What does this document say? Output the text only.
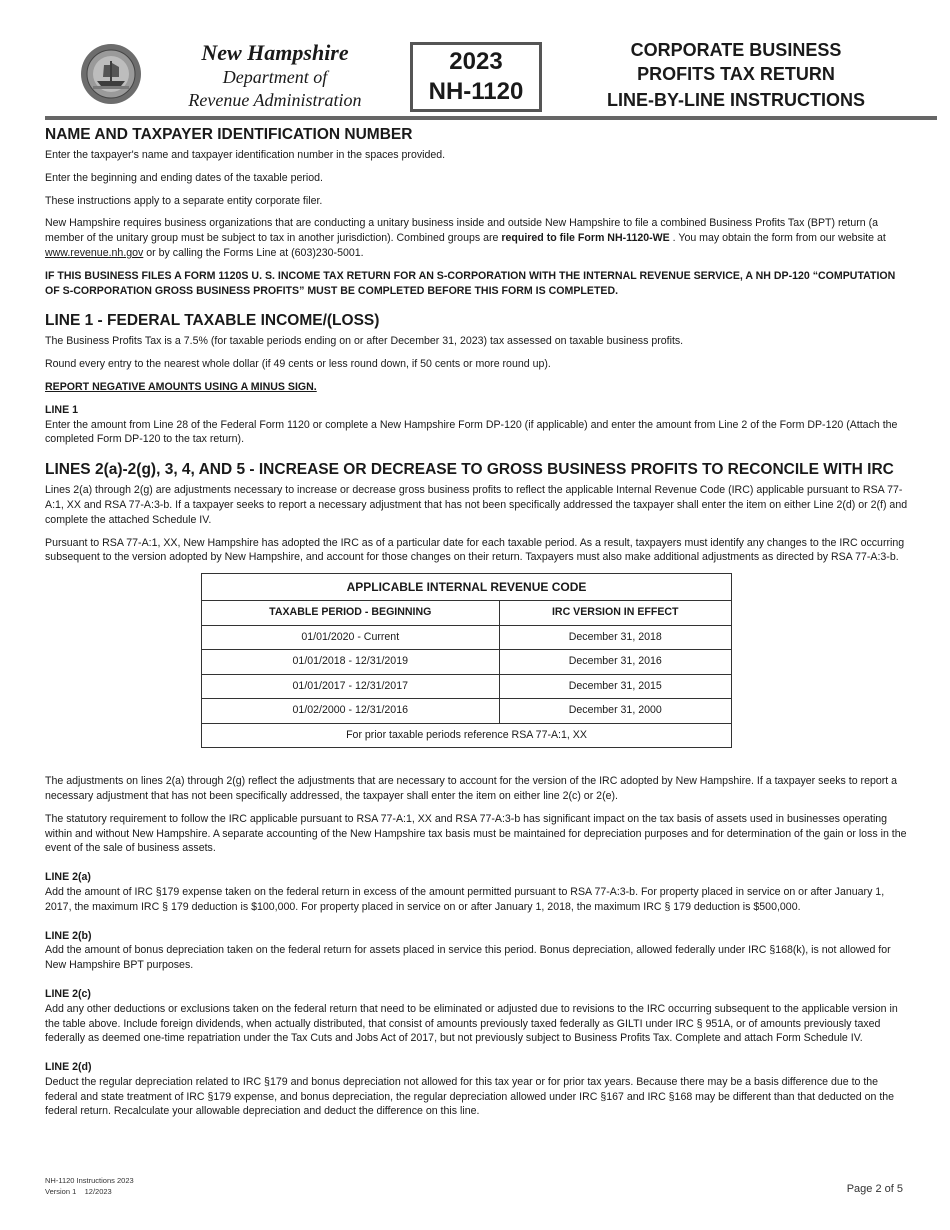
New Hampshire
Department of
Revenue Administration
2023
NH-1120
CORPORATE BUSINESS
PROFITS TAX RETURN
LINE-BY-LINE INSTRUCTIONS
NAME AND TAXPAYER IDENTIFICATION NUMBER

Enter the taxpayer's name and taxpayer identification number in the spaces provided.

Enter the beginning and ending dates of the taxable period.

These instructions apply to a separate entity corporate filer.

New Hampshire requires business organizations that are conducting a unitary business inside and outside New Hampshire to file a combined Business Profits Tax (BPT) return (a member of the unitary group must be subject to tax in another jurisdiction). Combined groups are required to file Form NH-1120-WE . You may obtain the form from our website at www.revenue.nh.gov or by calling the Forms Line at (603)230-5001.

IF THIS BUSINESS FILES A FORM 1120S U. S. INCOME TAX RETURN FOR AN S-CORPORATION WITH THE INTERNAL REVENUE SERVICE, A NH DP-120 “COMPUTATION OF S-CORPORATION GROSS BUSINESS PROFITS” MUST BE COMPLETED BEFORE THIS FORM IS COMPLETED.

LINE 1 - FEDERAL TAXABLE INCOME/(LOSS)

The Business Profits Tax is a 7.5% (for taxable periods ending on or after December 31, 2023) tax assessed on taxable business profits.

Round every entry to the nearest whole dollar (if 49 cents or less round down, if 50 cents or more round up).

REPORT NEGATIVE AMOUNTS USING A MINUS SIGN.

LINE 1

Enter the amount from Line 28 of the Federal Form 1120 or complete a New Hampshire Form DP-120 (if applicable) and enter the amount from Line 2 of the Form DP-120 (Attach the completed Form DP-120 to the tax return).

LINES 2(a)-2(g), 3, 4, AND 5 - INCREASE OR DECREASE TO GROSS BUSINESS PROFITS TO RECONCILE WITH IRC

Lines 2(a) through 2(g) are adjustments necessary to increase or decrease gross business profits to reflect the applicable Internal Revenue Code (IRC) applicable pursuant to RSA 77-A:1, XX and RSA 77-A:3-b. If a taxpayer seeks to report a necessary adjustment that has not been specifically addressed the taxpayer shall enter the item on either Line 2(d) or 2(f) and complete the attached Schedule IV.

Pursuant to RSA 77-A:1, XX, New Hampshire has adopted the IRC as of a particular date for each taxable period. As a result, taxpayers must identify any changes to the IRC occurring subsequent to the version adopted by New Hampshire, and account for those changes on their return. Taxpayers must also make additional adjustments as directed by RSA 77-A:3-b.

APPLICABLE INTERNAL REVENUE CODE	
TAXABLE PERIOD - BEGINNING	IRC VERSION IN EFFECT
01/01/2020 - Current	December 31, 2018
01/01/2018 - 12/31/2019	December 31, 2016
01/01/2017 - 12/31/2017	December 31, 2015
01/02/2000 - 12/31/2016	December 31, 2000
For prior taxable periods reference RSA 77-A:1, XX	

The adjustments on lines 2(a) through 2(g) reflect the adjustments that are necessary to account for the version of the IRC adopted by New Hampshire. If a taxpayer seeks to report a necessary adjustment that has not been specifically addressed, the taxpayer shall enter the item on either line 2(c) or 2(e).

The statutory requirement to follow the IRC applicable pursuant to RSA 77-A:1, XX and RSA 77-A:3-b has significant impact on the tax basis of assets used in businesses operating within and without New Hampshire. A separate accounting of the New Hampshire tax basis must be maintained for depreciation purposes and for determination of the gain or loss in the event of the sale of business assets.

LINE 2(a)

Add the amount of IRC §179 expense taken on the federal return in excess of the amount permitted pursuant to RSA 77-A:3-b. For property placed in service on or after January 1, 2017, the maximum IRC § 179 deduction is $100,000. For property placed in service on or after January 1, 2018, the maximum IRC § 179 deduction is $500,000.

LINE 2(b)

Add the amount of bonus depreciation taken on the federal return for assets placed in service this period. Bonus depreciation, allowed federally under IRC §168(k), is not allowed for New Hampshire BPT purposes.

LINE 2(c)

Add any other deductions or exclusions taken on the federal return that need to be eliminated or adjusted due to revisions to the IRC occurring subsequent to the applicable version in the table above. Include foreign dividends, when actually distributed, that consist of amounts previously taxed federally as GILTI under IRC § 951A, or of amounts previously taxed federally as deemed one-time repatriation under the Tax Cuts and Jobs Act of 2017, but not previously subject to Business Profits Tax. Complete and attach Form Schedule IV.

LINE 2(d)

Deduct the regular depreciation related to IRC §179 and bonus depreciation not allowed for this tax year or for prior tax years. Because there may be a basis difference due to the federal and state treatment of IRC §179 expense, and bonus depreciation, the regular depreciation allowed under IRC §167 and IRC §168 may be different than that deducted on the federal return. Recalculate your allowable depreciation and deduct the difference on this line.

NH-1120 Instructions 2023
Version 1    12/2023	Page 2 of 5
